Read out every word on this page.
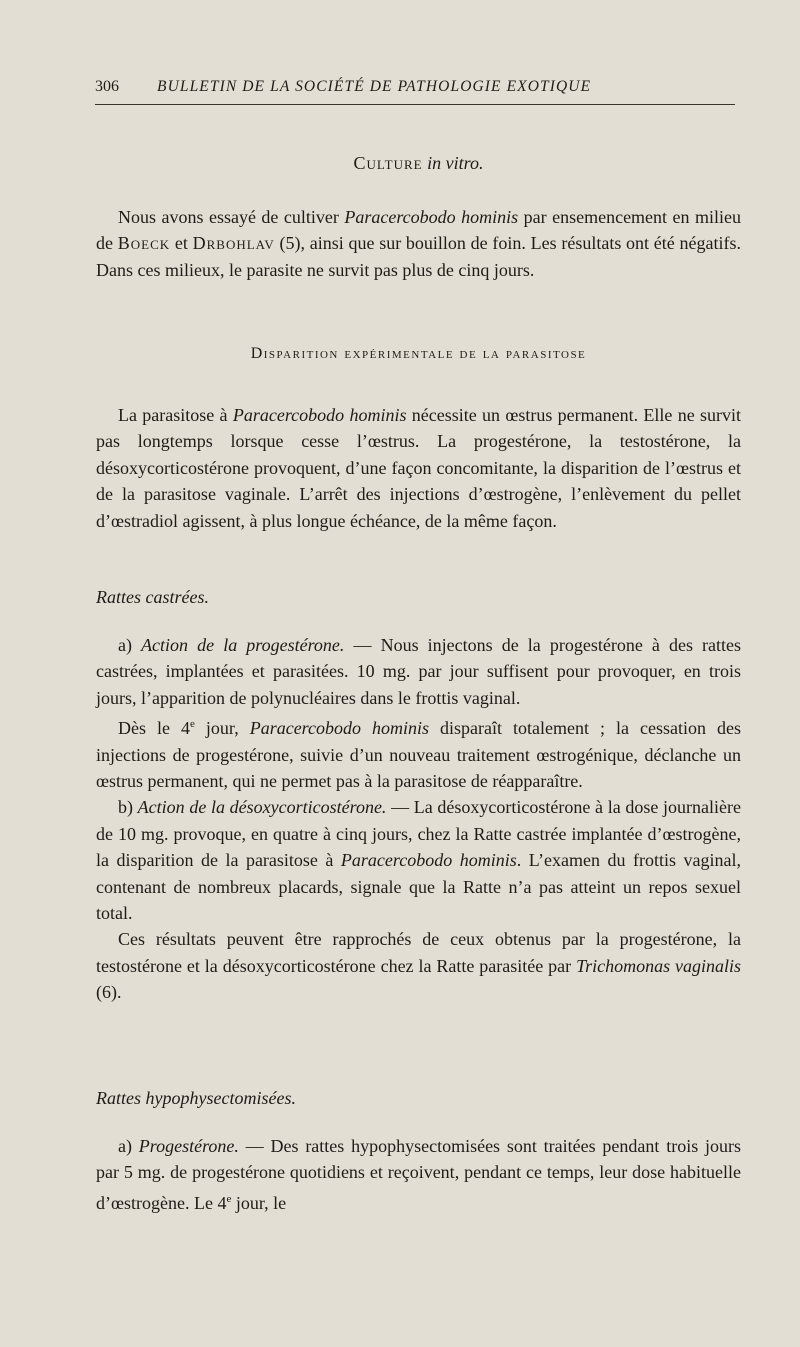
306	BULLETIN DE LA SOCIÉTÉ DE PATHOLOGIE EXOTIQUE
Culture in vitro.

Nous avons essayé de cultiver Paracercobodo hominis par ensemencement en milieu de Boeck et Drbohlav (5), ainsi que sur bouillon de foin. Les résultats ont été négatifs. Dans ces milieux, le parasite ne survit pas plus de cinq jours.

Disparition expérimentale de la parasitose

La parasitose à Paracercobodo hominis nécessite un œstrus permanent. Elle ne survit pas longtemps lorsque cesse l’œstrus. La progestérone, la testostérone, la désoxycorticostérone provoquent, d’une façon concomitante, la disparition de l’œstrus et de la parasitose vaginale. L’arrêt des injections d’œstrogène, l’enlèvement du pellet d’œstradiol agissent, à plus longue échéance, de la même façon.

Rattes castrées.

a) Action de la progestérone. — Nous injectons de la progestérone à des rattes castrées, implantées et parasitées. 10 mg. par jour suffisent pour provoquer, en trois jours, l’apparition de polynucléaires dans le frottis vaginal.

Dès le 4e jour, Paracercobodo hominis disparaît totalement ; la cessation des injections de progestérone, suivie d’un nouveau traitement œstrogénique, déclanche un œstrus permanent, qui ne permet pas à la parasitose de réapparaître.

b) Action de la désoxycorticostérone. — La désoxycorticostérone à la dose journalière de 10 mg. provoque, en quatre à cinq jours, chez la Ratte castrée implantée d’œstrogène, la disparition de la parasitose à Paracercobodo hominis. L’examen du frottis vaginal, contenant de nombreux placards, signale que la Ratte n’a pas atteint un repos sexuel total.

Ces résultats peuvent être rapprochés de ceux obtenus par la progestérone, la testostérone et la désoxycorticostérone chez la Ratte parasitée par Trichomonas vaginalis (6).

Rattes hypophysectomisées.

a) Progestérone. — Des rattes hypophysectomisées sont traitées pendant trois jours par 5 mg. de progestérone quotidiens et reçoivent, pendant ce temps, leur dose habituelle d’œstrogène. Le 4e jour, le
